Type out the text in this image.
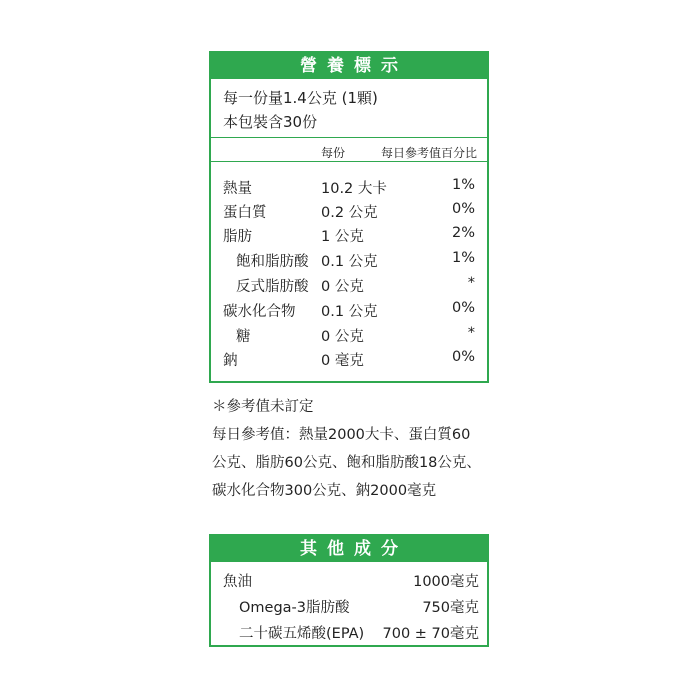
營養標示
每一份量1.4公克 (1顆)
本包裝含30份
每份	每日參考值百分比
熱量	10.2 大卡	1%
蛋白質	0.2 公克	0%
脂肪	1 公克	2%
飽和脂肪酸 0.1 公克	1%
反式脂肪酸 0 公克	*
碳水化合物 0.1 公克	0%
糖	0 公克	*
鈉	0 毫克	0%
＊參考值未訂定
每日參考值：熱量2000大卡、蛋白質60
公克、脂肪60公克、飽和脂肪酸18公克、
碳水化合物300公克、鈉2000毫克
其他成分
魚油	1000毫克
Omega-3脂肪酸	750毫克
二十碳五烯酸(EPA) 700 ± 70毫克
